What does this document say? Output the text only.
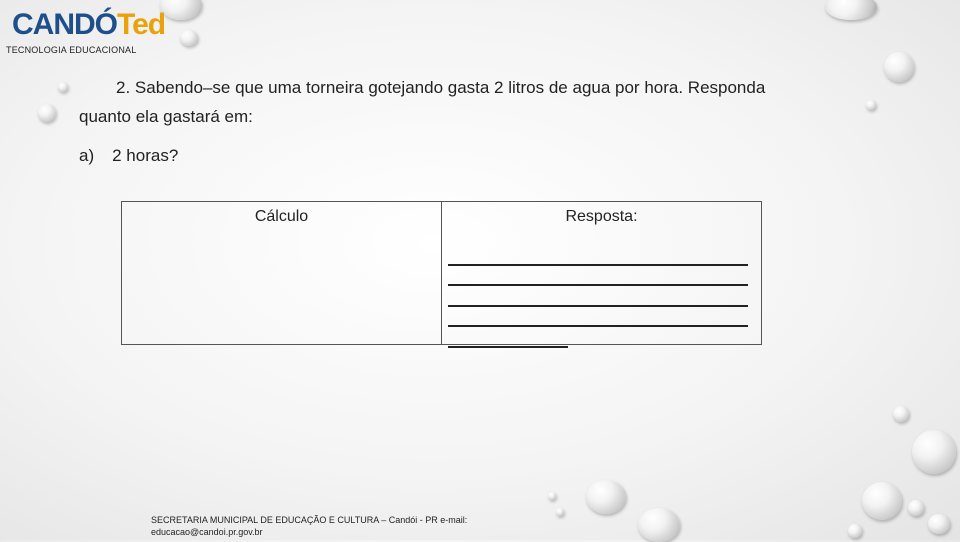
CANDÓTed
TECNOLOGIA EDUCACIONAL
2. Sabendo–se que uma torneira gotejando gasta 2 litros de agua por hora. Responda
quanto ela gastará em:
a) 2 horas?
Cálculo	Resposta:
SECRETARIA MUNICIPAL DE EDUCAÇÃO E CULTURA – Candói - PR e-mail:
educacao@candoi.pr.gov.br
